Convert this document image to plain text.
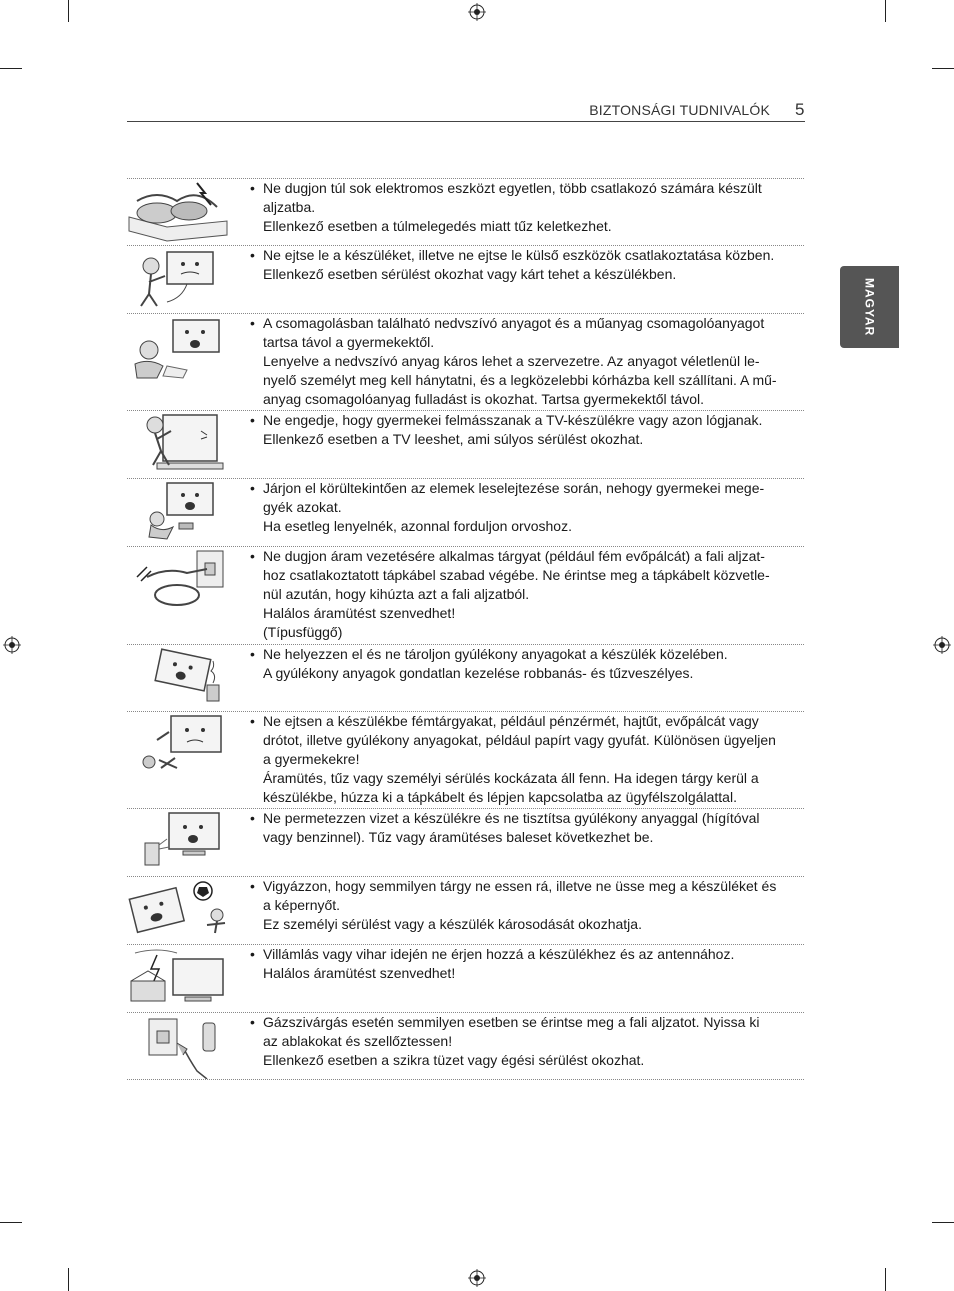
BIZTONSÁGI TUDNIVALÓK 5
MAGYAR
• Ne dugjon túl sok elektromos eszközt egyetlen, több csatlakozó számára készült
aljzatba.
Ellenkező esetben a túlmelegedés miatt tűz keletkezhet.
• Ne ejtse le a készüléket, illetve ne ejtse le külső eszközök csatlakoztatása közben.
Ellenkező esetben sérülést okozhat vagy kárt tehet a készülékben.
• A csomagolásban található nedvszívó anyagot és a műanyag csomagolóanyagot
tartsa távol a gyermekektől.
Lenyelve a nedvszívó anyag káros lehet a szervezetre. Az anyagot véletlenül le-
nyelő személyt meg kell hánytatni, és a legközelebbi kórházba kell szállítani. A mű-
anyag csomagolóanyag fulladást is okozhat. Tartsa gyermekektől távol.
• Ne engedje, hogy gyermekei felmásszanak a TV-készülékre vagy azon lógjanak.
Ellenkező esetben a TV leeshet, ami súlyos sérülést okozhat.
• Járjon el körültekintően az elemek leselejtezése során, nehogy gyermekei mege-
gyék azokat.
Ha esetleg lenyelnék, azonnal forduljon orvoshoz.
• Ne dugjon áram vezetésére alkalmas tárgyat (például fém evőpálcát) a fali aljzat-
hoz csatlakoztatott tápkábel szabad végébe. Ne érintse meg a tápkábelt közvetle-
nül azután, hogy kihúzta azt a fali aljzatból.
Halálos áramütést szenvedhet!
(Típusfüggő)
• Ne helyezzen el és ne tároljon gyúlékony anyagokat a készülék közelében.
A gyúlékony anyagok gondatlan kezelése robbanás- és tűzveszélyes.
• Ne ejtsen a készülékbe fémtárgyakat, például pénzérmét, hajtűt, evőpálcát vagy
drótot, illetve gyúlékony anyagokat, például papírt vagy gyufát. Különösen ügyeljen
a gyermekekre!
Áramütés, tűz vagy személyi sérülés kockázata áll fenn. Ha idegen tárgy kerül a
készülékbe, húzza ki a tápkábelt és lépjen kapcsolatba az ügyfélszolgálattal.
• Ne permetezzen vizet a készülékre és ne tisztítsa gyúlékony anyaggal (hígítóval
vagy benzinnel). Tűz vagy áramütéses baleset következhet be.
• Vigyázzon, hogy semmilyen tárgy ne essen rá, illetve ne üsse meg a készüléket és
a képernyőt.
Ez személyi sérülést vagy a készülék károsodását okozhatja.
• Villámlás vagy vihar idején ne érjen hozzá a készülékhez és az antennához.
Halálos áramütést szenvedhet!
• Gázszivárgás esetén semmilyen esetben se érintse meg a fali aljzatot. Nyissa ki
az ablakokat és szellőztessen!
Ellenkező esetben a szikra tüzet vagy égési sérülést okozhat.
